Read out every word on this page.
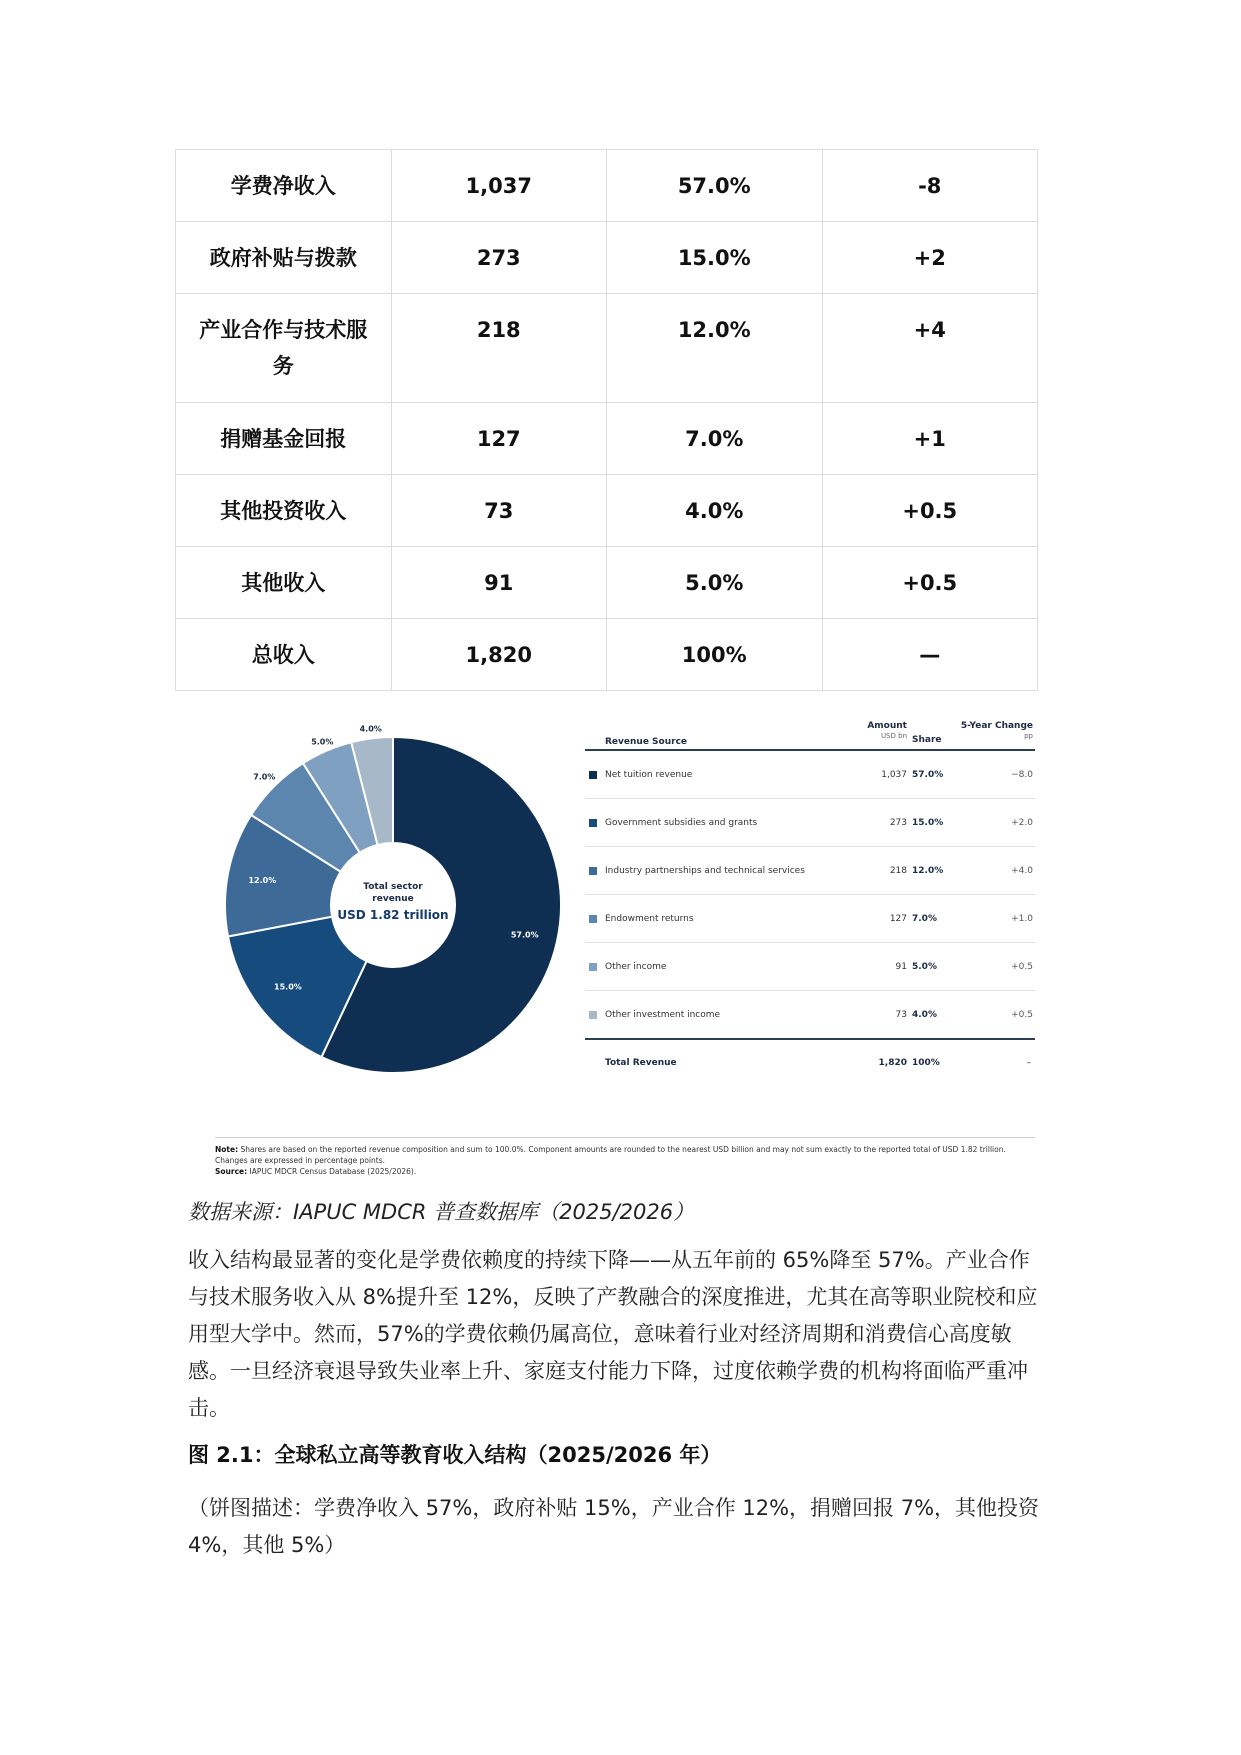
学费净收入	1,037	57.0%	-8
政府补贴与拨款	273	15.0%	+2
产业合作与技术服务	218	12.0%	+4
捐赠基金回报	127	7.0%	+1
其他投资收入	73	4.0%	+0.5
其他收入	91	5.0%	+0.5
总收入	1,820	100%	—
57.0%
15.0%
12.0%
7.0%
5.0%
4.0%
Total sector
revenue
USD 1.82 trillion
Revenue Source
Amount
USD bn Share
5-Year Change
pp
Net tuition revenue	1,037 57.0%	−8.0
Government subsidies and grants	273 15.0%	+2.0
Industry partnerships and technical services	218 12.0%	+4.0
Endowment returns	127 7.0%	+1.0
Other income	91 5.0%	+0.5
Other investment income	73 4.0%	+0.5
Total Revenue	1,820 100%	–
Note: Shares are based on the reported revenue composition and sum to 100.0%. Component amounts are rounded to the nearest USD billion and may not sum exactly to the reported total of USD 1.82 trillion.
Changes are expressed in percentage points.
Source: IAPUC MDCR Census Database (2025/2026).
数据来源：IAPUC MDCR 普查数据库（2025/2026）

收入结构最显著的变化是学费依赖度的持续下降——从五年前的 65%降至 57%。产业合作与技术服务收入从 8%提升至 12%，反映了产教融合的深度推进，尤其在高等职业院校和应用型大学中。然而，57%的学费依赖仍属高位，意味着行业对经济周期和消费信心高度敏感。一旦经济衰退导致失业率上升、家庭支付能力下降，过度依赖学费的机构将面临严重冲击。

图 2.1：全球私立高等教育收入结构（2025/2026 年）

（饼图描述：学费净收入 57%，政府补贴 15%，产业合作 12%，捐赠回报 7%，其他投资 4%，其他 5%）
